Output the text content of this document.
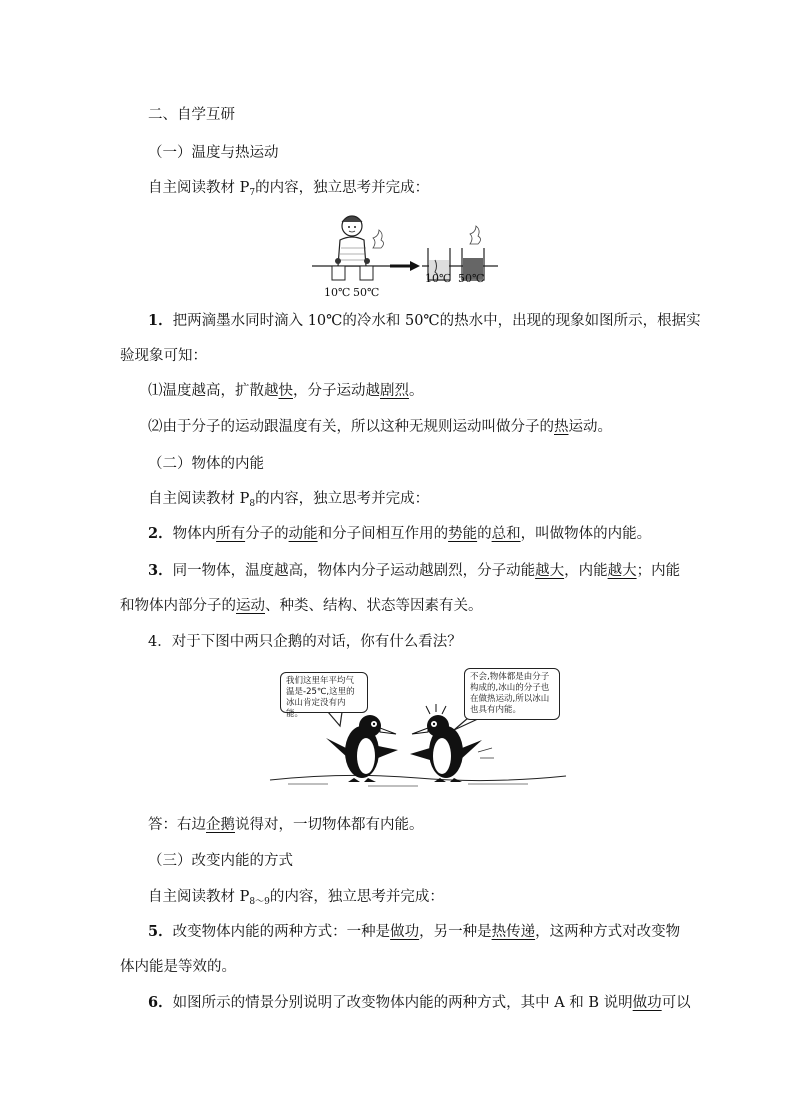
二、自学互研
（一）温度与热运动
自主阅读教材 $P_7$的内容，独立思考并完成：
10℃ 50℃
10℃ 50℃
1．把两滴墨水同时滴入 10℃的冷水和 50℃的热水中，出现的现象如图所示，根据实
验现象可知：
⑴温度越高，扩散越快，分子运动越剧烈。
⑵由于分子的运动跟温度有关，所以这种无规则运动叫做分子的热运动。
（二）物体的内能
自主阅读教材 $P_8$的内容，独立思考并完成：
2．物体内所有分子的动能和分子间相互作用的势能的总和，叫做物体的内能。
3．同一物体，温度越高，物体内分子运动越剧烈，分子动能越大，内能越大；内能
和物体内部分子的运动、种类、结构、状态等因素有关。
4．对于下图中两只企鹅的对话，你有什么看法？
我们这里年平均气温是-25℃,这里的冰山肯定没有内能。
不会,物体都是由分子构成的,冰山的分子也在做热运动,所以冰山也具有内能。
答：右边企鹅说得对，一切物体都有内能。
（三）改变内能的方式
自主阅读教材 $P_{8\sim 9}$的内容，独立思考并完成：
5．改变物体内能的两种方式：一种是做功，另一种是热传递，这两种方式对改变物
体内能是等效的。
6．如图所示的情景分别说明了改变物体内能的两种方式，其中 A 和 B 说明做功可以
